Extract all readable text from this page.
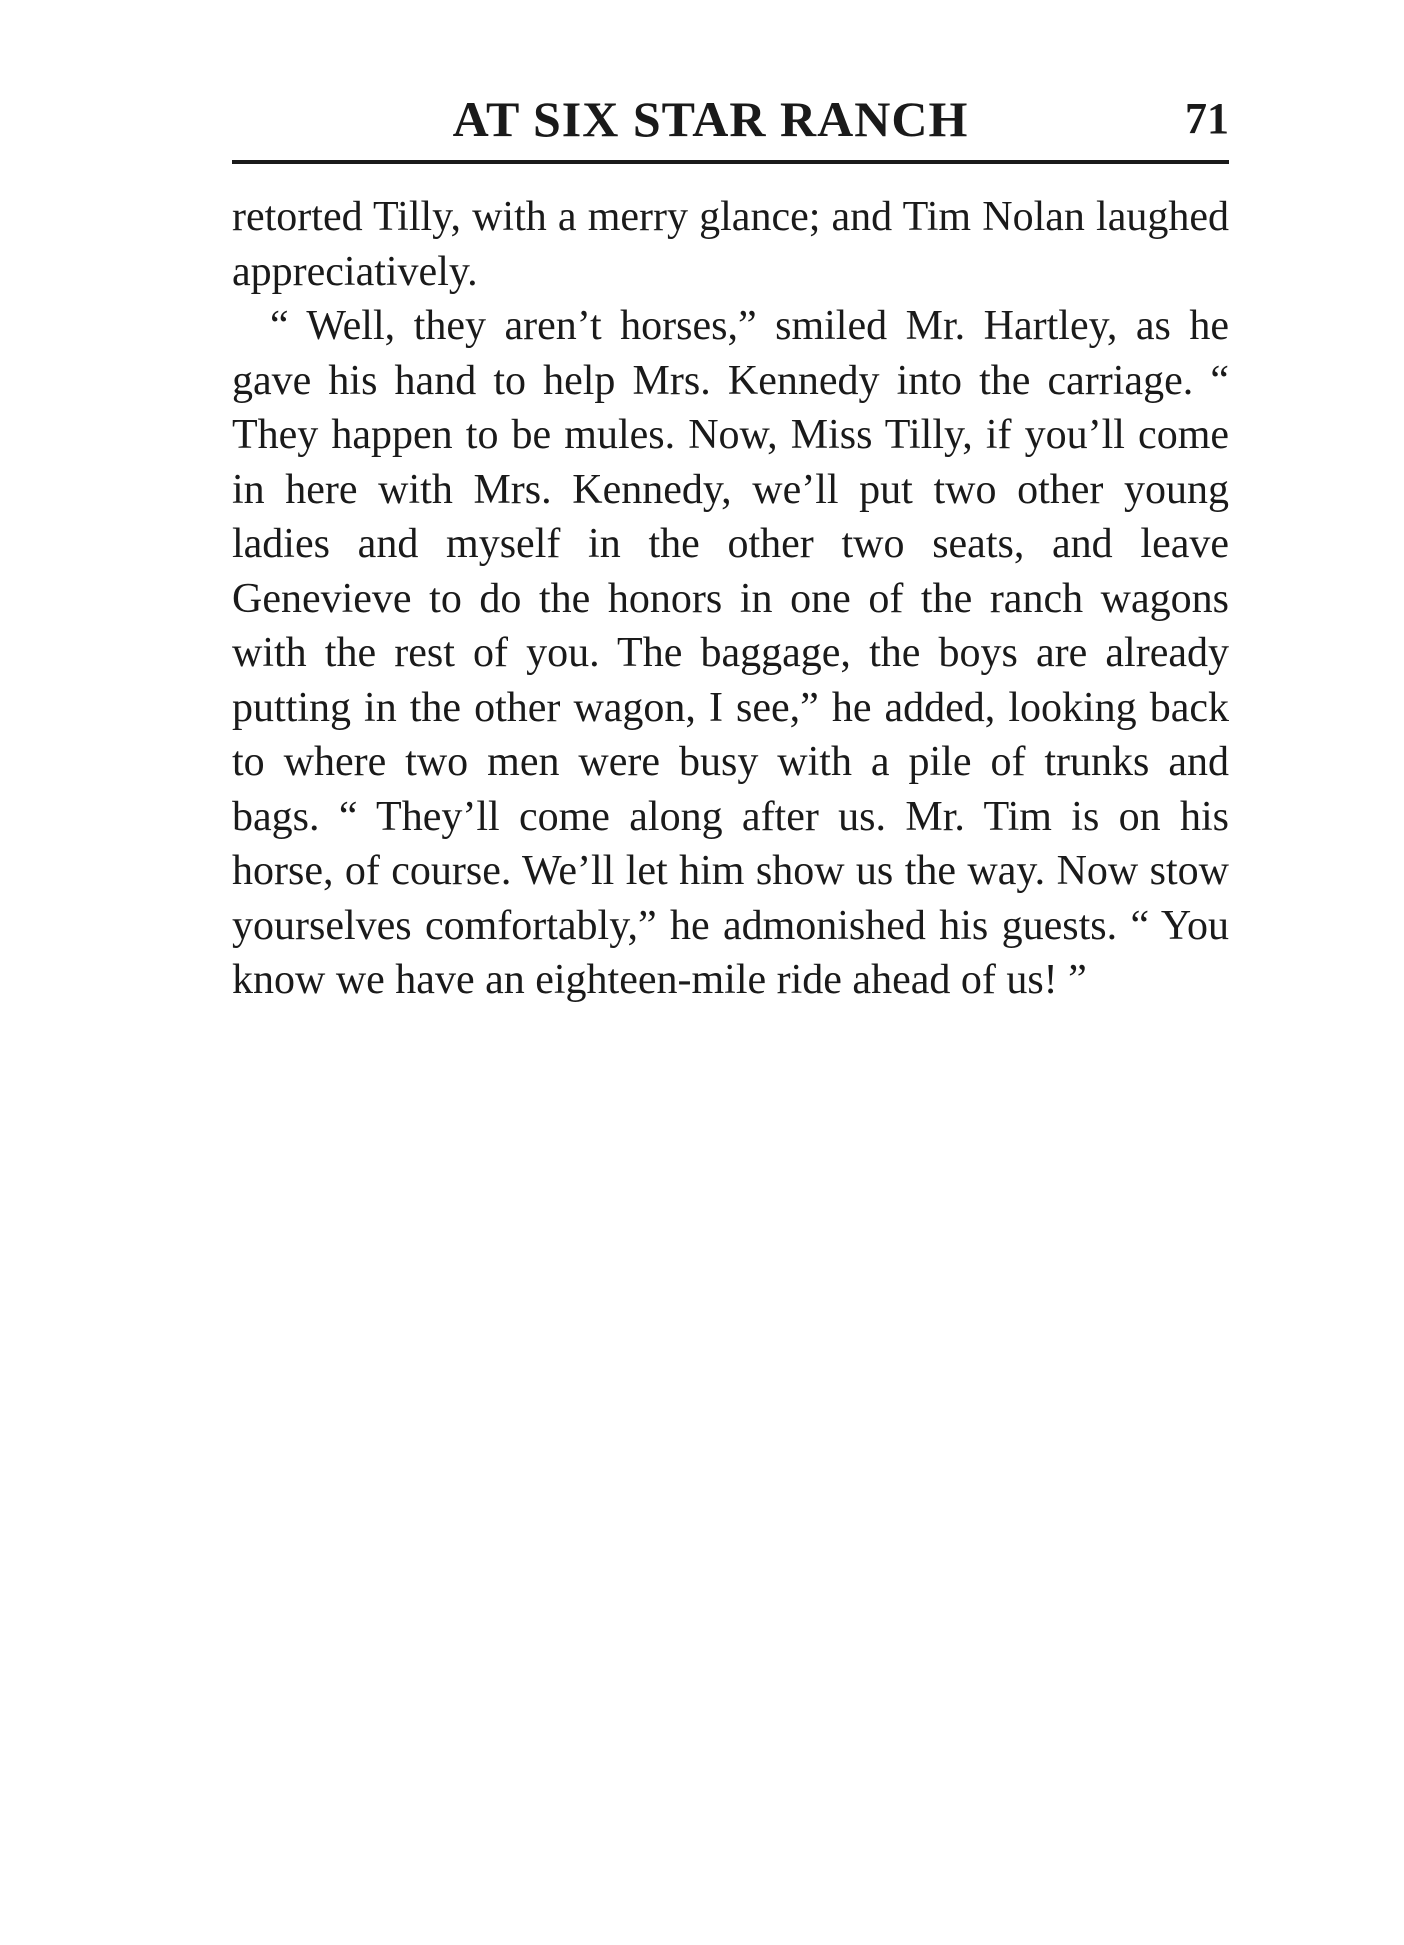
AT SIX STAR RANCH	71

retorted Tilly, with a merry glance; and Tim Nolan laughed appreciatively.

“ Well, they aren’t horses,” smiled Mr. Hartley, as he gave his hand to help Mrs. Kennedy into the carriage. “ They happen to be mules. Now, Miss Tilly, if you’ll come in here with Mrs. Kennedy, we’ll put two other young ladies and myself in the other two seats, and leave Genevieve to do the honors in one of the ranch wagons with the rest of you. The baggage, the boys are already putting in the other wagon, I see,” he added, looking back to where two men were busy with a pile of trunks and bags. “ They’ll come along after us. Mr. Tim is on his horse, of course. We’ll let him show us the way. Now stow yourselves comfortably,” he admonished his guests. “ You know we have an eighteen-mile ride ahead of us! ”
